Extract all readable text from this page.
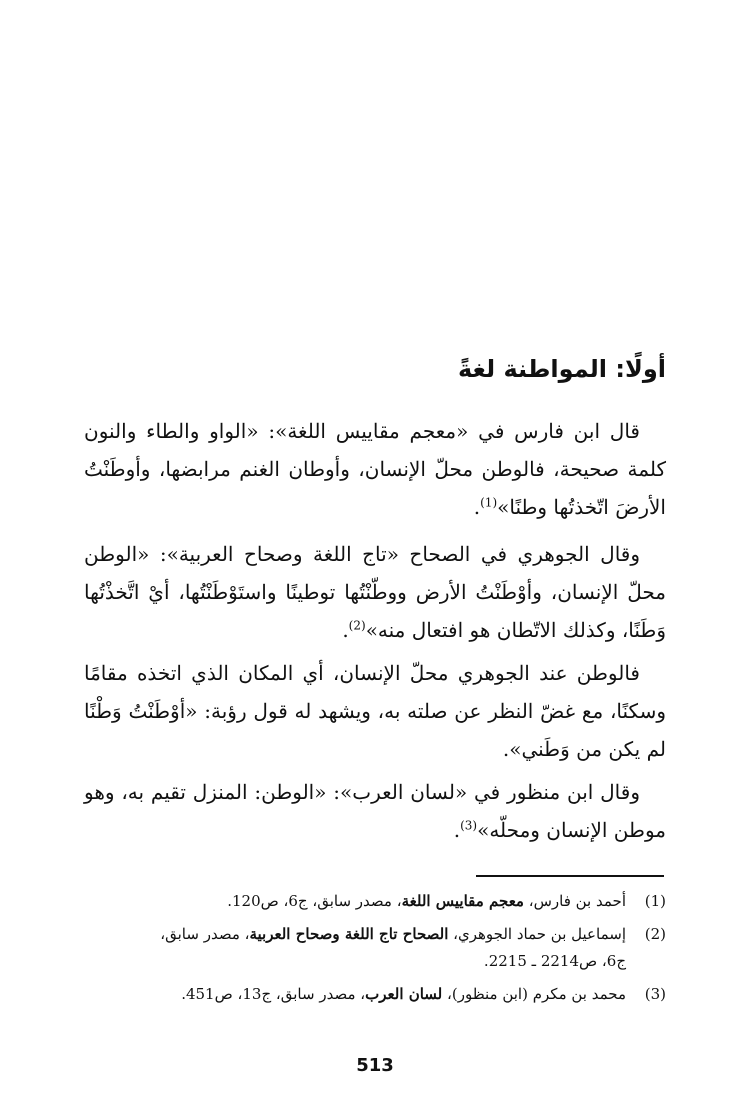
أولًا: المواطنة لغةً

قال ابن فارس في «معجم مقاييس اللغة»: «الواو والطاء والنون كلمة صحيحة، فالوطن محلّ الإنسان، وأوطان الغنم مرابضها، وأوطَنْتُ الأرضَ اتّخذتُها وطنًا»$^{(1)}$.

وقال الجوهري في الصحاح «تاج اللغة وصحاح العربية»: «الوطن محلّ الإنسان، وأوْطَنْتُ الأرض ووطّنْتُها توطينًا واستَوْطَنْتُها، أيْ اتَّخذْتُها وَطَنًا، وكذلك الاتّطان هو افتعال منه»$^{(2)}$.

فالوطن عند الجوهري محلّ الإنسان، أي المكان الذي اتخذه مقامًا وسكنًا، مع غضّ النظر عن صلته به، ويشهد له قول رؤبة: «أوْطَنْتُ وَطْنًا لم يكن من وَطَني».

وقال ابن منظور في «لسان العرب»: «الوطن: المنزل تقيم به، وهو موطن الإنسان ومحلّه»$^{(3)}$.

(1)
أحمد بن فارس، معجم مقاييس اللغة، مصدر سابق، ج6، ص120.
(2)
إسماعيل بن حماد الجوهري، الصحاح تاج اللغة وصحاح العربية، مصدر سابق، ج6، ص2214 ـ 2215.
(3)
محمد بن مكرم (ابن منظور)، لسان العرب، مصدر سابق، ج13، ص451.
513
